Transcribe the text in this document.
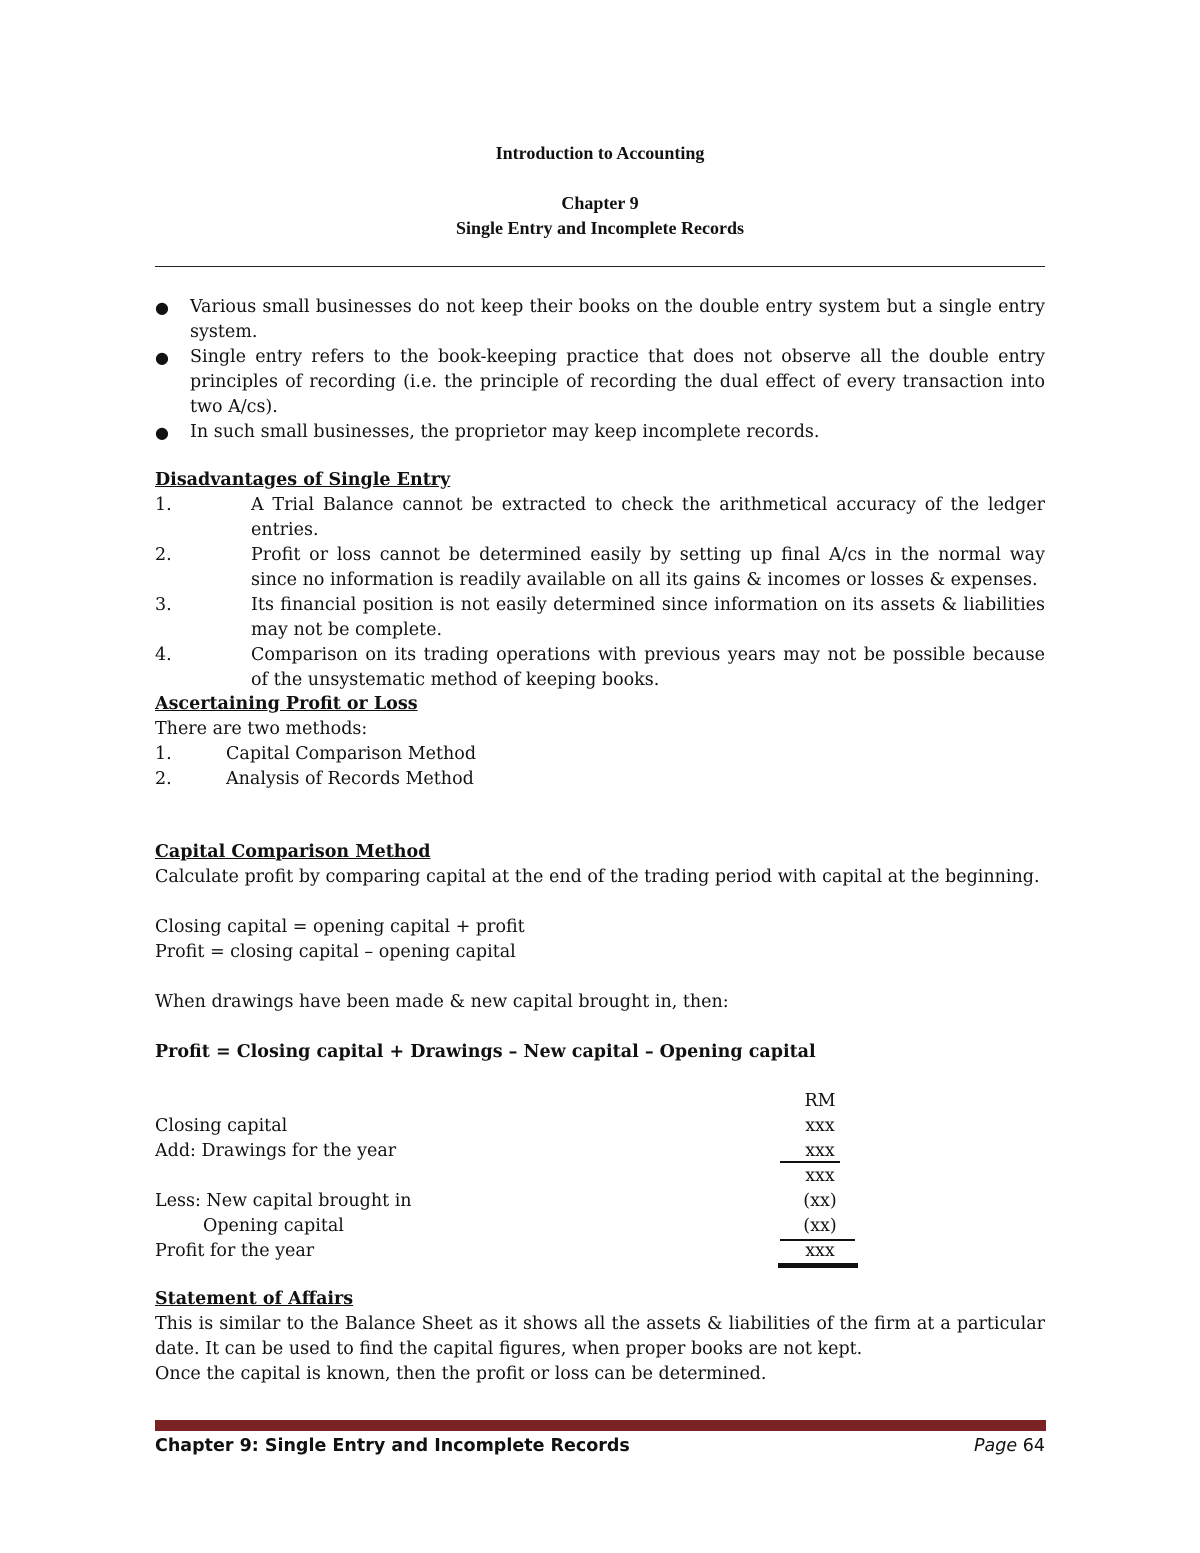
Introduction to Accounting
Chapter 9
Single Entry and Incomplete Records
● Various small businesses do not keep their books on the double entry system but a single entry system.
● Single entry refers to the book-keeping practice that does not observe all the double entry principles of recording (i.e. the principle of recording the dual effect of every transaction into two A/cs).
● In such small businesses, the proprietor may keep incomplete records.
Disadvantages of Single Entry
1.	A Trial Balance cannot be extracted to check the arithmetical accuracy of the ledger entries.
2.	Profit or loss cannot be determined easily by setting up final A/cs in the normal way since no information is readily available on all its gains & incomes or losses & expenses.
3.	Its financial position is not easily determined since information on its assets & liabilities may not be complete.
4.	Comparison on its trading operations with previous years may not be possible because of the unsystematic method of keeping books.
Ascertaining Profit or Loss
There are two methods:
1.	Capital Comparison Method
2.	Analysis of Records Method
Capital Comparison Method
Calculate profit by comparing capital at the end of the trading period with capital at the beginning.
Closing capital = opening capital + profit
Profit = closing capital – opening capital
When drawings have been made & new capital brought in, then:
Profit = Closing capital + Drawings – New capital – Opening capital
RM
Closing capital	xxx
Add: Drawings for the year	xxx
xxx
Less: New capital brought in	(xx)
Opening capital	(xx)
Profit for the year	xxx
Statement of Affairs
This is similar to the Balance Sheet as it shows all the assets & liabilities of the firm at a particular date. It can be used to find the capital figures, when proper books are not kept.
Once the capital is known, then the profit or loss can be determined.
Chapter 9: Single Entry and Incomplete Records	Page 64
